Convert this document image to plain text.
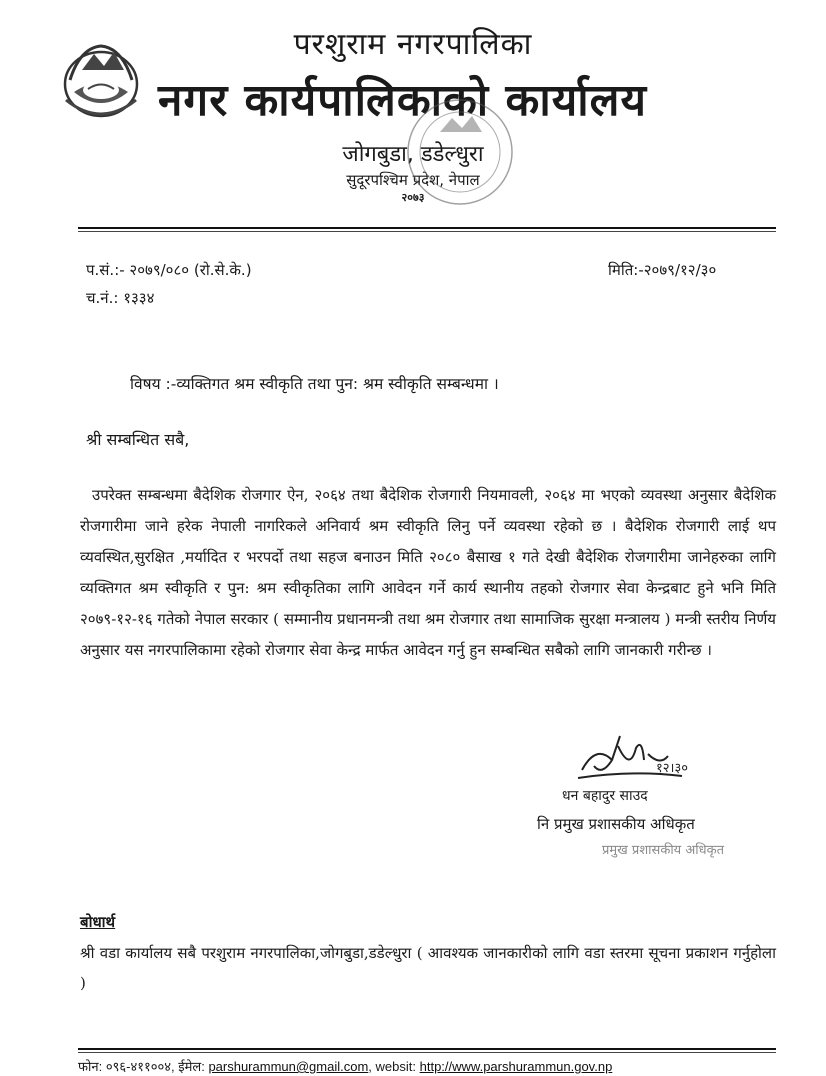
परशुराम नगरपालिका
नगर कार्यपालिकाको कार्यालय
जोगबुडा, डडेल्धुरा
सुदूरपश्चिम प्रदेश, नेपाल
२०७३
प.सं.:- २०७९/०८० (रो.से.के.)
च.नं.: १३३४
मिति:-२०७९/१२/३०
विषय :-व्यक्तिगत श्रम स्वीकृति तथा पुन: श्रम स्वीकृति सम्बन्धमा ।
श्री सम्बन्धित सबै,
उपरेक्त सम्बन्धमा बैदेशिक रोजगार ऐन, २०६४ तथा बैदेशिक रोजगारी नियमावली, २०६४ मा भएको व्यवस्था अनुसार बैदेशिक रोजगारीमा जाने हरेक नेपाली नागरिकले अनिवार्य श्रम स्वीकृति लिनु पर्ने व्यवस्था रहेको छ । बैदेशिक रोजगारी लाई थप व्यवस्थित,सुरक्षित ,मर्यादित र भरपर्दो तथा सहज बनाउन मिति २०८० बैसाख १ गते देखी बैदेशिक रोजगारीमा जानेहरुका लागि व्यक्तिगत श्रम स्वीकृति र पुन: श्रम स्वीकृतिका लागि आवेदन गर्ने कार्य स्थानीय तहको रोजगार सेवा केन्द्रबाट हुने भनि मिति २०७९-१२-१६ गतेको नेपाल सरकार ( सम्मानीय प्रधानमन्त्री तथा श्रम रोजगार तथा सामाजिक सुरक्षा मन्त्रालय ) मन्त्री स्तरीय निर्णय अनुसार यस नगरपालिकामा रहेको रोजगार सेवा केन्द्र मार्फत आवेदन गर्नु हुन सम्बन्धित सबैको लागि जानकारी गरीन्छ ।
१२।३०
धन बहादुर साउद
नि प्रमुख प्रशासकीय अधिकृत
प्रमुख प्रशासकीय अधिकृत
बोधार्थ
श्री वडा कार्यालय सबै परशुराम नगरपालिका,जोगबुडा,डडेल्धुरा ( आवश्यक जानकारीको लागि वडा स्तरमा सूचना प्रकाशन गर्नुहोला )
फोन: ०९६-४११००४, ईमेल: parshurammun@gmail.com, websit: http://www.parshurammun.gov.np
